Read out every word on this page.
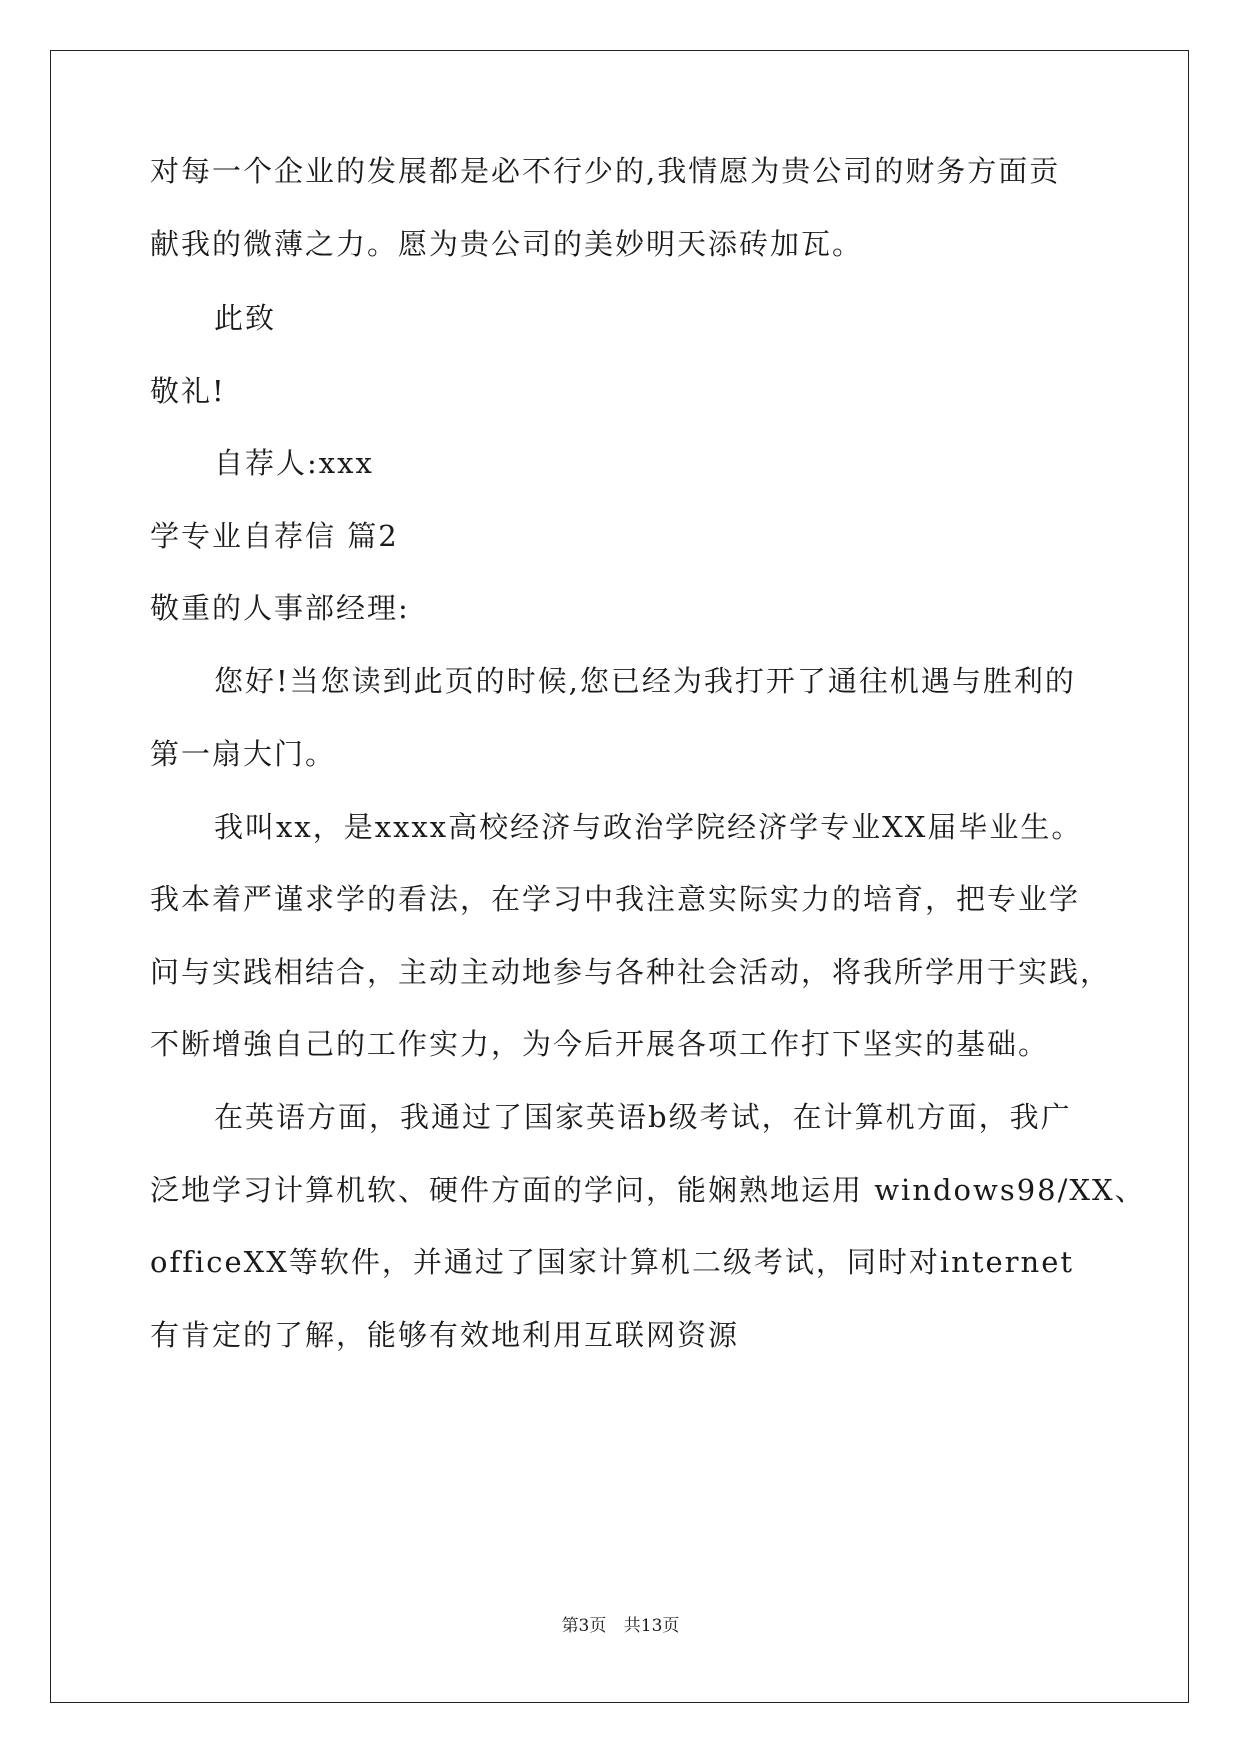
对每一个企业的发展都是必不行少的,我情愿为贵公司的财务方面贡
献我的微薄之力。愿为贵公司的美妙明天添砖加瓦。
此致
敬礼!
自荐人:xxx
学专业自荐信 篇2
敬重的人事部经理:
您好!当您读到此页的时候,您已经为我打开了通往机遇与胜利的
第一扇大门。
我叫xx，是xxxx高校经济与政治学院经济学专业XX届毕业生。
我本着严谨求学的看法，在学习中我注意实际实力的培育，把专业学
问与实践相结合，主动主动地参与各种社会活动，将我所学用于实践，
不断增強自己的工作实力，为今后开展各项工作打下坚实的基础。
在英语方面，我通过了国家英语b级考试，在计算机方面，我广
泛地学习计算机软、硬件方面的学问，能娴熟地运用 windows98/XX、
officeXX等软件，并通过了国家计算机二级考试，同时对internet
有肯定的了解，能够有效地利用互联网资源
第3页 共13页
